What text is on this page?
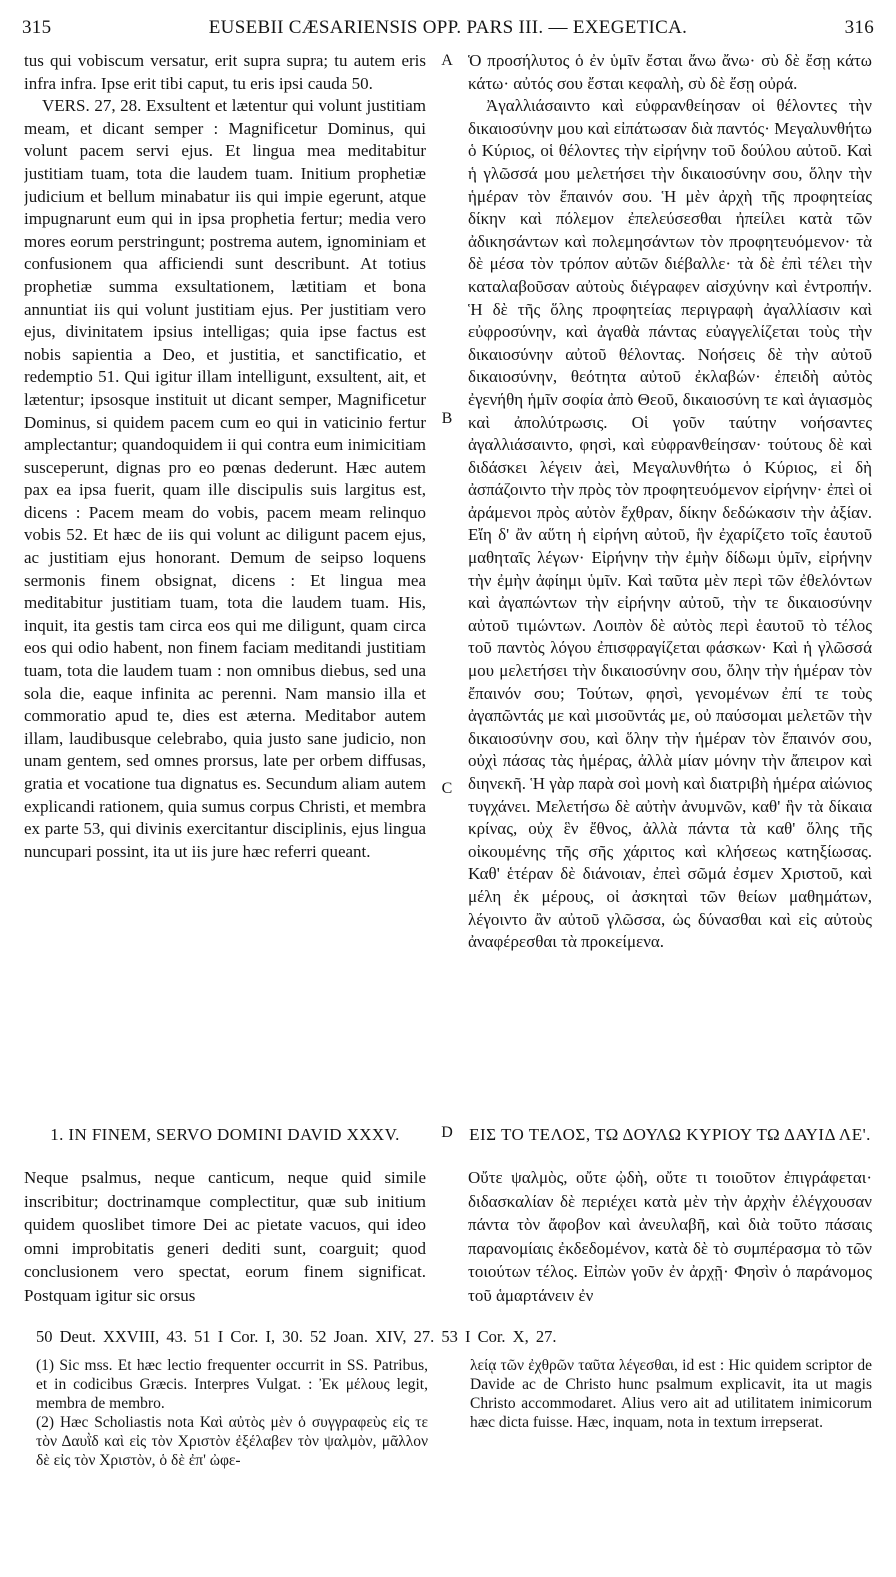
315	EUSEBII CÆSARIENSIS OPP. PARS III. — EXEGETICA.	316

tus qui vobiscum versatur, erit supra supra; tu autem eris infra infra. Ipse erit tibi caput, tu eris ipsi cauda 50.

VERS. 27, 28. Exsultent et lætentur qui volunt justitiam meam, et dicant semper : Magnificetur Dominus, qui volunt pacem servi ejus. Et lingua mea meditabitur justitiam tuam, tota die laudem tuam. Initium prophetiæ judicium et bellum minabatur iis qui impie egerunt, atque impugnarunt eum qui in ipsa prophetia fertur; media vero mores eorum perstringunt; postrema autem, ignominiam et confusionem qua afficiendi sunt describunt. At totius prophetiæ summa exsultationem, lætitiam et bona annuntiat iis qui volunt justitiam ejus. Per justitiam vero ejus, divinitatem ipsius intelligas; quia ipse factus est nobis sapientia a Deo, et justitia, et sanctificatio, et redemptio 51. Qui igitur illam intelligunt, exsultent, ait, et lætentur; ipsosque instituit ut dicant semper, Magnificetur Dominus, si quidem pacem cum eo qui in vaticinio fertur amplectantur; quandoquidem ii qui contra eum inimicitiam susceperunt, dignas pro eo pœnas dederunt. Hæc autem pax ea ipsa fuerit, quam ille discipulis suis largitus est, dicens : Pacem meam do vobis, pacem meam relinquo vobis 52. Et hæc de iis qui volunt ac diligunt pacem ejus, ac justitiam ejus honorant. Demum de seipso loquens sermonis finem obsignat, dicens : Et lingua mea meditabitur justitiam tuam, tota die laudem tuam. His, inquit, ita gestis tam circa eos qui me diligunt, quam circa eos qui odio habent, non finem faciam meditandi justitiam tuam, tota die laudem tuam : non omnibus diebus, sed una sola die, eaque infinita ac perenni. Nam mansio illa et commoratio apud te, dies est æterna. Meditabor autem illam, laudibusque celebrabo, quia justo sane judicio, non unam gentem, sed omnes prorsus, late per orbem diffusas, gratia et vocatione tua dignatus es. Secundum aliam autem explicandi rationem, quia sumus corpus Christi, et membra ex parte 53, qui divinis exercitantur disciplinis, ejus lingua nuncupari possint, ita ut iis jure hæc referri queant.

A
B
C
D

Ὁ προσήλυτος ὁ ἐν ὑμῖν ἔσται ἄνω ἄνω· σὺ δὲ ἔσῃ κάτω κάτω· αὐτός σου ἔσται κεφαλὴ, σὺ δὲ ἔσῃ οὐρά.

Ἀγαλλιάσαιντο καὶ εὐφρανθείησαν οἱ θέλοντες τὴν δικαιοσύνην μου καὶ εἰπάτωσαν διὰ παντός· Μεγαλυνθήτω ὁ Κύριος, οἱ θέλοντες τὴν εἰρήνην τοῦ δούλου αὐτοῦ. Καὶ ἡ γλῶσσά μου μελετήσει τὴν δικαιοσύνην σου, ὅλην τὴν ἡμέραν τὸν ἔπαινόν σου. Ἡ μὲν ἀρχὴ τῆς προφητείας δίκην καὶ πόλεμον ἐπελεύσεσθαι ἠπείλει κατὰ τῶν ἀδικησάντων καὶ πολεμησάντων τὸν προφητευόμενον· τὰ δὲ μέσα τὸν τρόπον αὐτῶν διέβαλλε· τὰ δὲ ἐπὶ τέλει τὴν καταλαβοῦσαν αὐτοὺς διέγραφεν αἰσχύνην καὶ ἐντροπήν. Ἡ δὲ τῆς ὅλης προφητείας περιγραφὴ ἀγαλλίασιν καὶ εὐφροσύνην, καὶ ἀγαθὰ πάντας εὐαγγελίζεται τοὺς τὴν δικαιοσύνην αὐτοῦ θέλοντας. Νοήσεις δὲ τὴν αὐτοῦ δικαιοσύνην, θεότητα αὐτοῦ ἐκλαβών· ἐπειδὴ αὐτὸς ἐγενήθη ἡμῖν σοφία ἀπὸ Θεοῦ, δικαιοσύνη τε καὶ ἁγιασμὸς καὶ ἀπολύτρωσις. Οἱ γοῦν ταύτην νοήσαντες ἀγαλλιάσαιντο, φησὶ, καὶ εὐφρανθείησαν· τούτους δὲ καὶ διδάσκει λέγειν ἀεὶ, Μεγαλυνθήτω ὁ Κύριος, εἰ δὴ ἀσπάζοιντο τὴν πρὸς τὸν προφητευόμενον εἰρήνην· ἐπεὶ οἱ ἀράμενοι πρὸς αὐτὸν ἔχθραν, δίκην δεδώκασιν τὴν ἀξίαν. Εἴη δ' ἂν αὕτη ἡ εἰρήνη αὐτοῦ, ἣν ἐχαρίζετο τοῖς ἑαυτοῦ μαθηταῖς λέγων· Εἰρήνην τὴν ἐμὴν δίδωμι ὑμῖν, εἰρήνην τὴν ἐμὴν ἀφίημι ὑμῖν. Καὶ ταῦτα μὲν περὶ τῶν ἐθελόντων καὶ ἀγαπώντων τὴν εἰρήνην αὐτοῦ, τὴν τε δικαιοσύνην αὐτοῦ τιμώντων. Λοιπὸν δὲ αὐτὸς περὶ ἑαυτοῦ τὸ τέλος τοῦ παντὸς λόγου ἐπισφραγίζεται φάσκων· Καὶ ἡ γλῶσσά μου μελετήσει τὴν δικαιοσύνην σου, ὅλην τὴν ἡμέραν τὸν ἔπαινόν σου; Τούτων, φησὶ, γενομένων ἐπί τε τοὺς ἀγαπῶντάς με καὶ μισοῦντάς με, οὐ παύσομαι μελετῶν τὴν δικαιοσύνην σου, καὶ ὅλην τὴν ἡμέραν τὸν ἔπαινόν σου, οὐχὶ πάσας τὰς ἡμέρας, ἀλλὰ μίαν μόνην τὴν ἄπειρον καὶ διηνεκῆ. Ἡ γὰρ παρὰ σοὶ μονὴ καὶ διατριβὴ ἡμέρα αἰώνιος τυγχάνει. Μελετήσω δὲ αὐτὴν ἀνυμνῶν, καθ' ἣν τὰ δίκαια κρίνας, οὐχ ἓν ἔθνος, ἀλλὰ πάντα τὰ καθ' ὅλης τῆς οἰκουμένης τῆς σῆς χάριτος καὶ κλήσεως κατηξίωσας. Καθ' ἑτέραν δὲ διάνοιαν, ἐπεὶ σῶμά ἐσμεν Χριστοῦ, καὶ μέλη ἐκ μέρους, οἱ ἀσκηταὶ τῶν θείων μαθημάτων, λέγοιντο ἂν αὐτοῦ γλῶσσα, ὡς δύνασθαι καὶ εἰς αὐτοὺς ἀναφέρεσθαι τὰ προκείμενα.

1. IN FINEM, SERVO DOMINI DAVID XXXV.	ΕΙΣ ΤΟ ΤΕΛΟΣ, ΤΩ ΔΟΥΛΩ ΚΥΡΙΟΥ ΤΩ ΔΑΥΙΔ ΛΕ'.
Neque psalmus, neque canticum, neque quid simile inscribitur; doctrinamque complectitur, quæ sub initium quidem quoslibet timore Dei ac pietate vacuos, qui ideo omni improbitatis generi dediti sunt, coarguit; quod conclusionem vero spectat, eorum finem significat. Postquam igitur sic orsus
Οὔτε ψαλμὸς, οὔτε ᾠδὴ, οὔτε τι τοιοῦτον ἐπιγράφεται· διδασκαλίαν δὲ περιέχει κατὰ μὲν τὴν ἀρχὴν ἐλέγχουσαν πάντα τὸν ἄφοβον καὶ ἀνευλαβῆ, καὶ διὰ τοῦτο πάσαις παρανομίαις ἐκδεδομένον, κατὰ δὲ τὸ συμπέρασμα τὸ τῶν τοιούτων τέλος. Εἰπὼν γοῦν ἐν ἀρχῇ· Φησὶν ὁ παράνομος τοῦ ἁμαρτάνειν ἐν
50 Deut. XXVIII, 43. 51 I Cor. I, 30. 52 Joan. XIV, 27. 53 I Cor. X, 27.

(1) Sic mss. Et hæc lectio frequenter occurrit in SS. Patribus, et in codicibus Græcis. Interpres Vulgat. : Ἐκ μέλους legit, membra de membro.

(2) Hæc Scholiastis nota Καὶ αὐτὸς μὲν ὁ συγγραφεὺς εἰς τε τὸν Δαυῒδ καὶ εἰς τὸν Χριστὸν ἐξέλαβεν τὸν ψαλμὸν, μᾶλλον δὲ εἰς τὸν Χριστὸν, ὁ δὲ ἐπ' ὠφε-

λείᾳ τῶν ἐχθρῶν ταῦτα λέγεσθαι, id est : Hic quidem scriptor de Davide ac de Christo hunc psalmum explicavit, ita ut magis Christo accommodaret. Alius vero ait ad utilitatem inimicorum hæc dicta fuisse. Hæc, inquam, nota in textum irrepserat.
